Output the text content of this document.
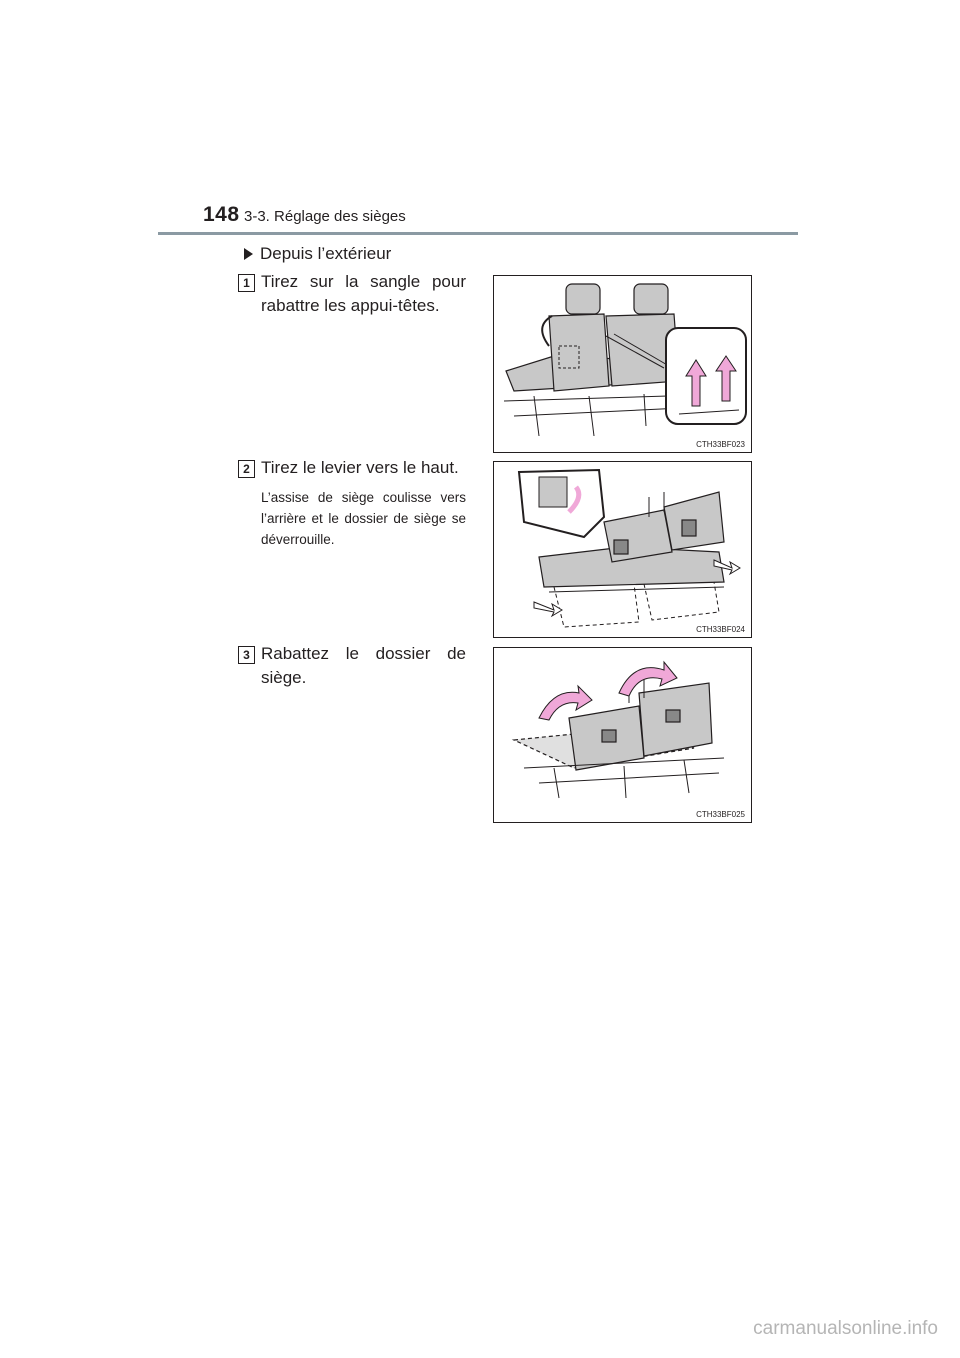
148 3-3. Réglage des sièges
Depuis l’extérieur
1 Tirez sur la sangle pour rabattre les appui-têtes.
CTH33BF023
2 Tirez le levier vers le haut.
L’assise de siège coulisse vers l’arrière et le dossier de siège se déverrouille.
CTH33BF024
3 Rabattez le dossier de siège.
CTH33BF025
carmanualsonline.info
